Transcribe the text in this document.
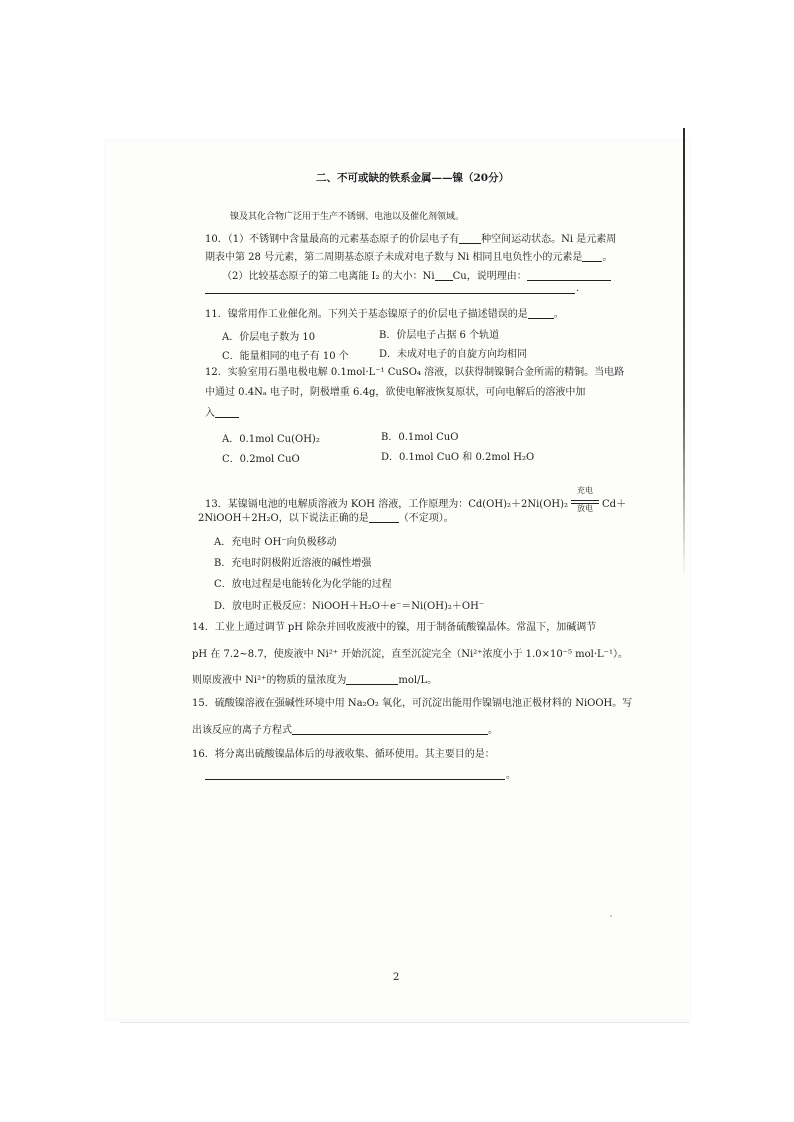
二、不可或缺的铁系金属——镍（20分）
镍及其化合物广泛用于生产不锈钢、电池以及催化剂领域。
10．（1）不锈钢中含量最高的元素基态原子的价层电子有 种空间运动状态。Ni 是元素周
期表中第 28 号元素，第二周期基态原子未成对电子数与 Ni 相同且电负性小的元素是 。
（2）比较基态原子的第二电离能 I₂ 的大小：Ni Cu，说明理由：
.
11．镍常用作工业催化剂。下列关于基态镍原子的价层电子描述错误的是	。
A．价层电子数为 10	B．价层电子占据 6 个轨道
C．能量相同的电子有 10 个	D．未成对电子的自旋方向均相同
12．实验室用石墨电极电解 0.1mol·L⁻¹ CuSO₄ 溶液，以获得制镍铜合金所需的精铜。当电路
中通过 0.4Nₐ 电子时，阴极增重 6.4g，欲使电解液恢复原状，可向电解后的溶液中加
入
A．0.1mol Cu(OH)₂	B．0.1mol CuO
C．0.2mol CuO	D．0.1mol CuO 和 0.2mol H₂O
13．某镍镉电池的电解质溶液为 KOH 溶液，工作原理为：Cd(OH)₂＋2Ni(OH)₂
充电
放电 Cd＋
2NiOOH＋2H₂O，以下说法正确的是	（不定项）。
A．充电时 OH⁻向负极移动
B．充电时阴极附近溶液的碱性增强
C．放电过程是电能转化为化学能的过程
D．放电时正极反应：NiOOH＋H₂O＋e⁻＝Ni(OH)₂＋OH⁻
14．工业上通过调节 pH 除杂并回收废液中的镍，用于制备硫酸镍晶体。常温下，加碱调节
pH 在 7.2~8.7，使废液中 Ni²⁺ 开始沉淀，直至沉淀完全（Ni²⁺浓度小于 1.0×10⁻⁵ mol·L⁻¹）。
则原废液中 Ni²⁺的物质的量浓度为	mol/L。
15．硫酸镍溶液在强碱性环境中用 Na₂O₂ 氧化，可沉淀出能用作镍镉电池正极材料的 NiOOH。写
出该反应的离子方程式	。
16．将分离出硫酸镍晶体后的母液收集、循环使用。其主要目的是：
。
2
